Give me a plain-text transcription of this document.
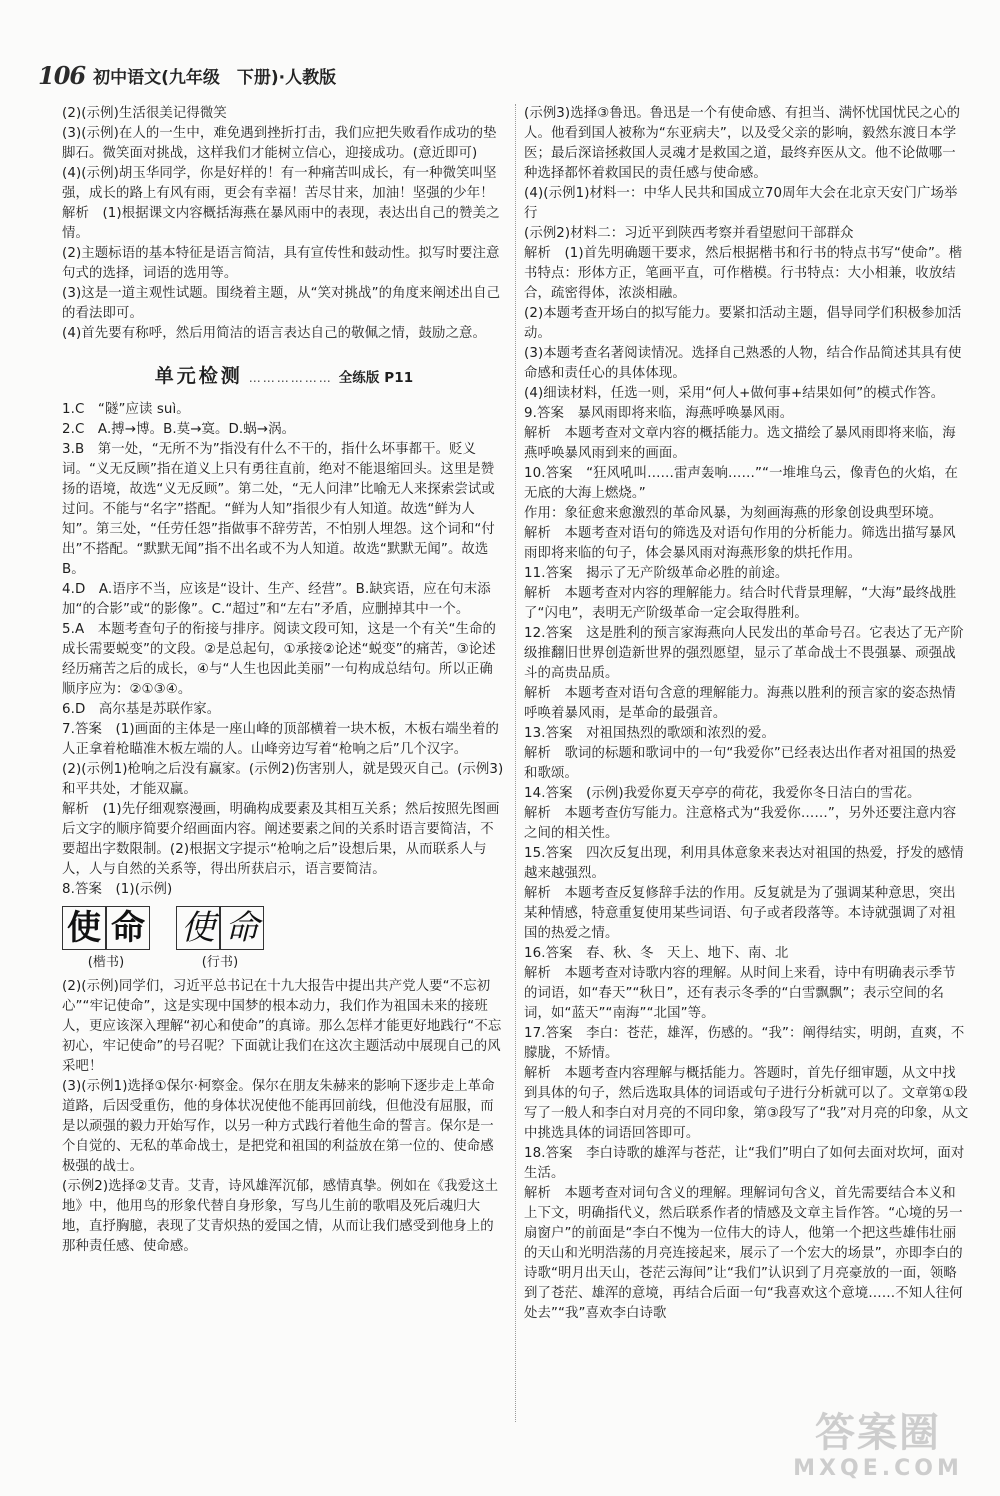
106 初中语文(九年级　下册)·人教版

(2)(示例)生活很美记得微笑

(3)(示例)在人的一生中，难免遇到挫折打击，我们应把失败看作成功的垫脚石。微笑面对挑战，这样我们才能树立信心，迎接成功。(意近即可)

(4)(示例)胡玉华同学，你是好样的！有一种痛苦叫成长，有一种微笑叫坚强，成长的路上有风有雨，更会有幸福！苦尽甘来，加油！坚强的少年！

解析　(1)根据课文内容概括海燕在暴风雨中的表现，表达出自己的赞美之情。

(2)主题标语的基本特征是语言简洁，具有宣传性和鼓动性。拟写时要注意句式的选择，词语的选用等。

(3)这是一道主观性试题。围绕着主题，从“笑对挑战”的角度来阐述出自己的看法即可。

(4)首先要有称呼，然后用简洁的语言表达自己的敬佩之情，鼓励之意。

单元检测 ……………… 全练版 P11

1.C　“隧”应读 suì。

2.C　A.搏→博。B.莫→寞。D.蜗→涡。

3.B　第一处，“无所不为”指没有什么不干的，指什么坏事都干。贬义词。“义无反顾”指在道义上只有勇往直前，绝对不能退缩回头。这里是赞扬的语境，故选“义无反顾”。第二处，“无人问津”比喻无人来探索尝试或过问。不能与“名字”搭配。“鲜为人知”指很少有人知道。故选“鲜为人知”。第三处，“任劳任怨”指做事不辞劳苦，不怕别人埋怨。这个词和“付出”不搭配。“默默无闻”指不出名或不为人知道。故选“默默无闻”。故选 B。

4.D　A.语序不当，应该是“设计、生产、经营”。B.缺宾语，应在句末添加“的合影”或“的影像”。C.“超过”和“左右”矛盾，应删掉其中一个。

5.A　本题考查句子的衔接与排序。阅读文段可知，这是一个有关“生命的成长需要蜕变”的文段。②是总起句，①承接②论述“蜕变”的痛苦，③论述经历痛苦之后的成长，④与“人生也因此美丽”一句构成总结句。所以正确顺序应为：②①③④。

6.D　高尔基是苏联作家。

7.答案　(1)画面的主体是一座山峰的顶部横着一块木板，木板右端坐着的人正拿着枪瞄准木板左端的人。山峰旁边写着“枪响之后”几个汉字。

(2)(示例1)枪响之后没有赢家。(示例2)伤害别人，就是毁灭自己。(示例3)和平共处，才能双赢。

解析　(1)先仔细观察漫画，明确构成要素及其相互关系；然后按照先图画后文字的顺序简要介绍画面内容。阐述要素之间的关系时语言要简洁，不要超出字数限制。(2)根据文字提示“枪响之后”设想后果，从而联系人与人，人与自然的关系等，得出所获启示，语言要简洁。

8.答案　(1)(示例)

使 命
(楷书)
使 命
(行书)

(2)(示例)同学们，习近平总书记在十九大报告中提出共产党人要“不忘初心”“牢记使命”，这是实现中国梦的根本动力，我们作为祖国未来的接班人，更应该深入理解“初心和使命”的真谛。那么怎样才能更好地践行“不忘初心，牢记使命”的号召呢？下面就让我们在这次主题活动中展现自己的风采吧！

(3)(示例1)选择①保尔·柯察金。保尔在朋友朱赫来的影响下逐步走上革命道路，后因受重伤，他的身体状况使他不能再回前线，但他没有屈服，而是以顽强的毅力开始写作，以另一种方式践行着他生命的誓言。保尔是一个自觉的、无私的革命战士，是把党和祖国的利益放在第一位的、使命感极强的战士。

(示例2)选择②艾青。艾青，诗风雄浑沉郁，感情真挚。例如在《我爱这土地》中，他用鸟的形象代替自身形象，写鸟儿生前的歌唱及死后魂归大地，直抒胸臆，表现了艾青炽热的爱国之情，从而让我们感受到他身上的那种责任感、使命感。

(示例3)选择③鲁迅。鲁迅是一个有使命感、有担当、满怀忧国忧民之心的人。他看到国人被称为“东亚病夫”，以及受父亲的影响，毅然东渡日本学医；最后深谙拯救国人灵魂才是救国之道，最终弃医从文。他不论做哪一种选择都怀着救国民的责任感与使命感。

(4)(示例1)材料一：中华人民共和国成立70周年大会在北京天安门广场举行

(示例2)材料二：习近平到陕西考察并看望慰问干部群众

解析　(1)首先明确题干要求，然后根据楷书和行书的特点书写“使命”。楷书特点：形体方正，笔画平直，可作楷模。行书特点：大小相兼，收放结合，疏密得体，浓淡相融。

(2)本题考查开场白的拟写能力。要紧扣活动主题，倡导同学们积极参加活动。

(3)本题考查名著阅读情况。选择自己熟悉的人物，结合作品简述其具有使命感和责任心的具体体现。

(4)细读材料，任选一则，采用“何人+做何事+结果如何”的模式作答。

9.答案　暴风雨即将来临，海燕呼唤暴风雨。

解析　本题考查对文章内容的概括能力。选文描绘了暴风雨即将来临，海燕呼唤暴风雨到来的画面。

10.答案　“狂风吼叫……雷声轰响……”“一堆堆乌云，像青色的火焰，在无底的大海上燃烧。”

作用：象征愈来愈激烈的革命风暴，为刻画海燕的形象创设典型环境。

解析　本题考查对语句的筛选及对语句作用的分析能力。筛选出描写暴风雨即将来临的句子，体会暴风雨对海燕形象的烘托作用。

11.答案　揭示了无产阶级革命必胜的前途。

解析　本题考查对内容的理解能力。结合时代背景理解，“大海”最终战胜了“闪电”，表明无产阶级革命一定会取得胜利。

12.答案　这是胜利的预言家海燕向人民发出的革命号召。它表达了无产阶级推翻旧世界创造新世界的强烈愿望，显示了革命战士不畏强暴、顽强战斗的高贵品质。

解析　本题考查对语句含意的理解能力。海燕以胜利的预言家的姿态热情呼唤着暴风雨，是革命的最强音。

13.答案　对祖国热烈的歌颂和浓烈的爱。

解析　歌词的标题和歌词中的一句“我爱你”已经表达出作者对祖国的热爱和歌颂。

14.答案　(示例)我爱你夏天亭亭的荷花，我爱你冬日洁白的雪花。

解析　本题考查仿写能力。注意格式为“我爱你……”，另外还要注意内容之间的相关性。

15.答案　四次反复出现，利用具体意象来表达对祖国的热爱，抒发的感情越来越强烈。

解析　本题考查反复修辞手法的作用。反复就是为了强调某种意思，突出某种情感，特意重复使用某些词语、句子或者段落等。本诗就强调了对祖国的热爱之情。

16.答案　春、秋、冬　天上、地下、南、北

解析　本题考查对诗歌内容的理解。从时间上来看，诗中有明确表示季节的词语，如“春天”“秋日”，还有表示冬季的“白雪飘飘”；表示空间的名词，如“蓝天”“南海”“北国”等。

17.答案　李白：苍茫，雄浑，伤感的。“我”：阐得结实，明朗，直爽，不朦胧，不矫情。

解析　本题考查内容理解与概括能力。答题时，首先仔细审题，从文中找到具体的句子，然后选取具体的词语或句子进行分析就可以了。文章第①段写了一般人和李白对月亮的不同印象，第③段写了“我”对月亮的印象，从文中挑选具体的词语回答即可。

18.答案　李白诗歌的雄浑与苍茫，让“我们”明白了如何去面对坎坷，面对生活。

解析　本题考查对词句含义的理解。理解词句含义，首先需要结合本义和上下文，明确指代义，然后联系作者的情感及文章主旨作答。“心境的另一扇窗户”的前面是“李白不愧为一位伟大的诗人，他第一个把这些雄伟壮丽的天山和光明浩荡的月亮连接起来，展示了一个宏大的场景”，亦即李白的诗歌“明月出天山，苍茫云海间”让“我们”认识到了月亮豪放的一面，领略到了苍茫、雄浑的意境，再结合后面一句“我喜欢这个意境……不知人往何处去”“我”喜欢李白诗歌

答案圈
MXQE.COM
